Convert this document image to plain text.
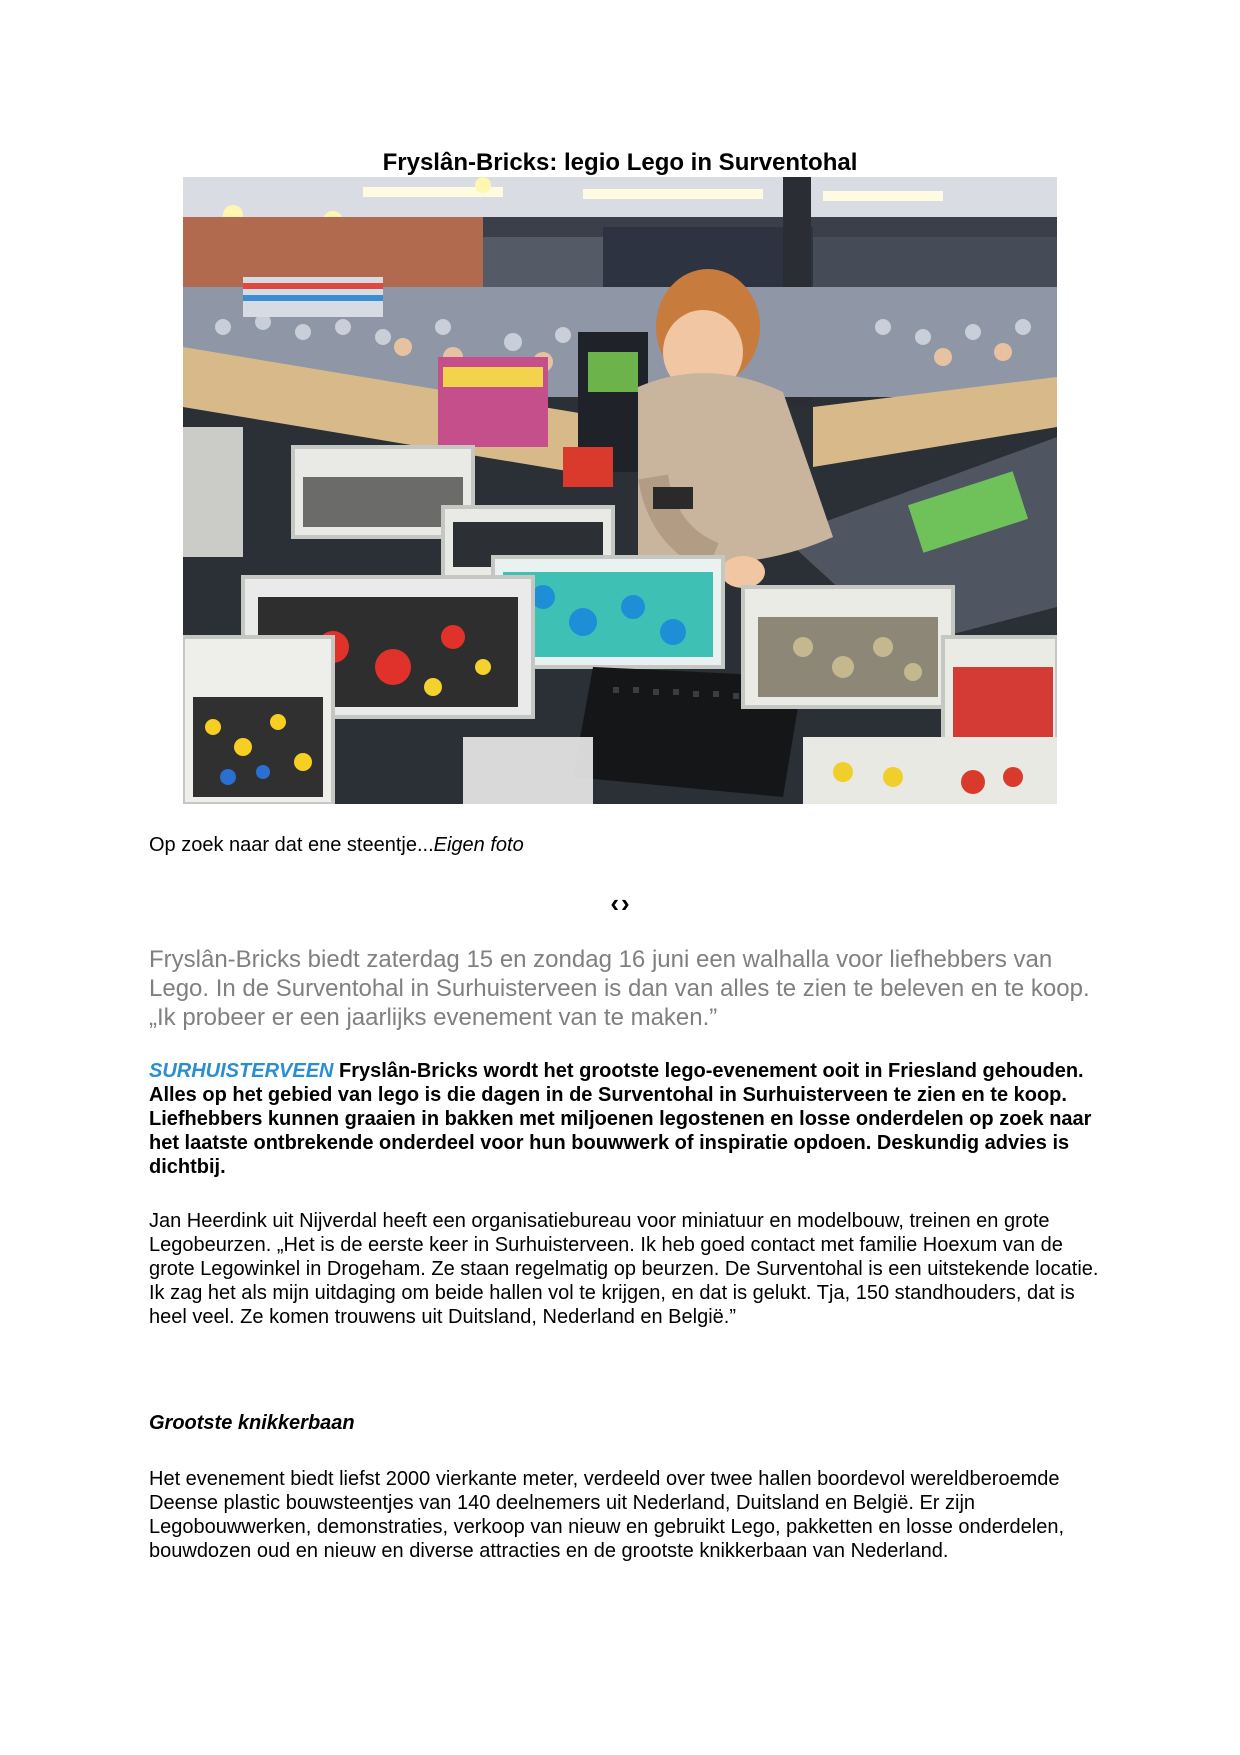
Fryslân-Bricks: legio Lego in Surventohal

Op zoek naar dat ene steentje...Eigen foto

‹ ›

Fryslân-Bricks biedt zaterdag 15 en zondag 16 juni een walhalla voor liefhebbers van Lego. In de Surventohal in Surhuisterveen is dan van alles te zien te beleven en te koop. „Ik probeer er een jaarlijks evenement van te maken.”

SURHUISTERVEEN Fryslân-Bricks wordt het grootste lego-evenement ooit in Friesland gehouden. Alles op het gebied van lego is die dagen in de Surventohal in Surhuisterveen te zien en te koop. Liefhebbers kunnen graaien in bakken met miljoenen legostenen en losse onderdelen op zoek naar het laatste ontbrekende onderdeel voor hun bouwwerk of inspiratie opdoen. Deskundig advies is dichtbij.

Jan Heerdink uit Nijverdal heeft een organisatiebureau voor miniatuur en modelbouw, treinen en grote Legobeurzen. „Het is de eerste keer in Surhuisterveen. Ik heb goed contact met familie Hoexum van de grote Legowinkel in Drogeham. Ze staan regelmatig op beurzen. De Surventohal is een uitstekende locatie. Ik zag het als mijn uitdaging om beide hallen vol te krijgen, en dat is gelukt. Tja, 150 standhouders, dat is heel veel. Ze komen trouwens uit Duitsland, Nederland en België.”

Grootste knikkerbaan

Het evenement biedt liefst 2000 vierkante meter, verdeeld over twee hallen boordevol wereldberoemde Deense plastic bouwsteentjes van 140 deelnemers uit Nederland, Duitsland en België. Er zijn Legobouwwerken, demonstraties, verkoop van nieuw en gebruikt Lego, pakketten en losse onderdelen, bouwdozen oud en nieuw en diverse attracties en de grootste knikkerbaan van Nederland.
